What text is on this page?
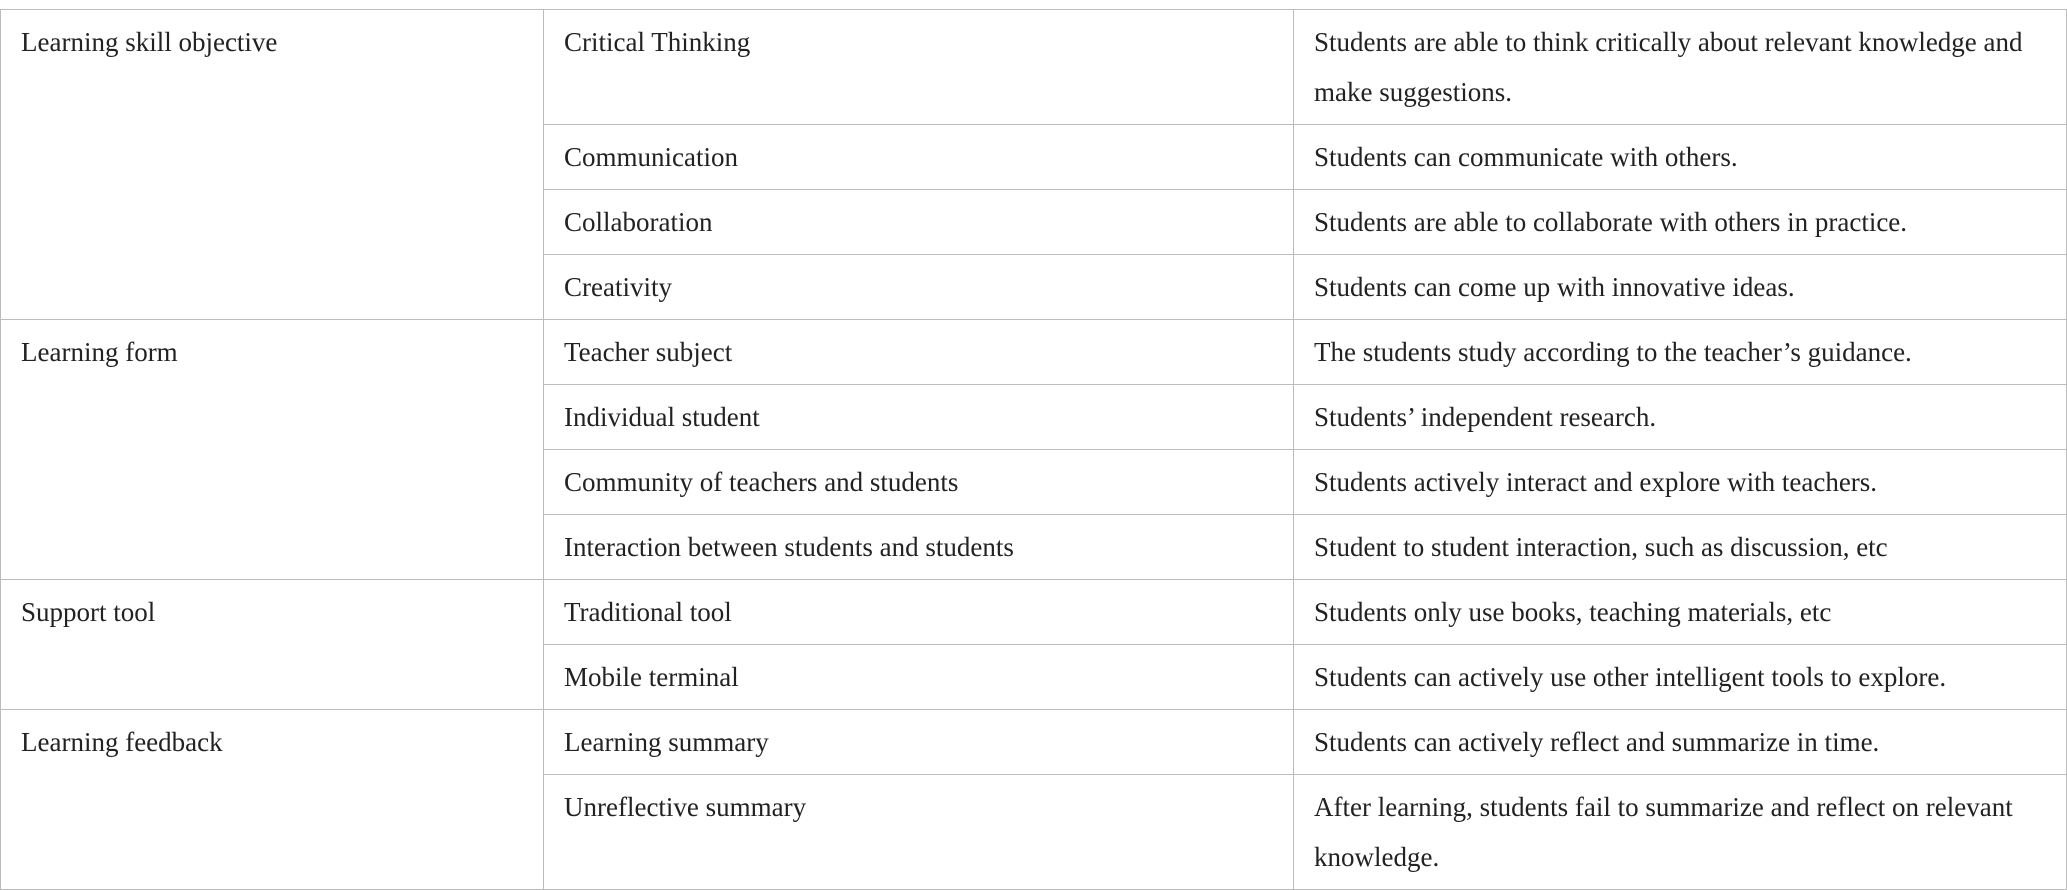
Learning skill objective	Critical Thinking	Students are able to think critically about relevant knowledge and make suggestions.
	Communication	Students can communicate with others.
	Collaboration	Students are able to collaborate with others in practice.
	Creativity	Students can come up with innovative ideas.
Learning form	Teacher subject	The students study according to the teacher’s guidance.
	Individual student	Students’ independent research.
	Community of teachers and students	Students actively interact and explore with teachers.
	Interaction between students and students	Student to student interaction, such as discussion, etc
Support tool	Traditional tool	Students only use books, teaching materials, etc
	Mobile terminal	Students can actively use other intelligent tools to explore.
Learning feedback	Learning summary	Students can actively reflect and summarize in time.
	Unreflective summary	After learning, students fail to summarize and reflect on relevant knowledge.
